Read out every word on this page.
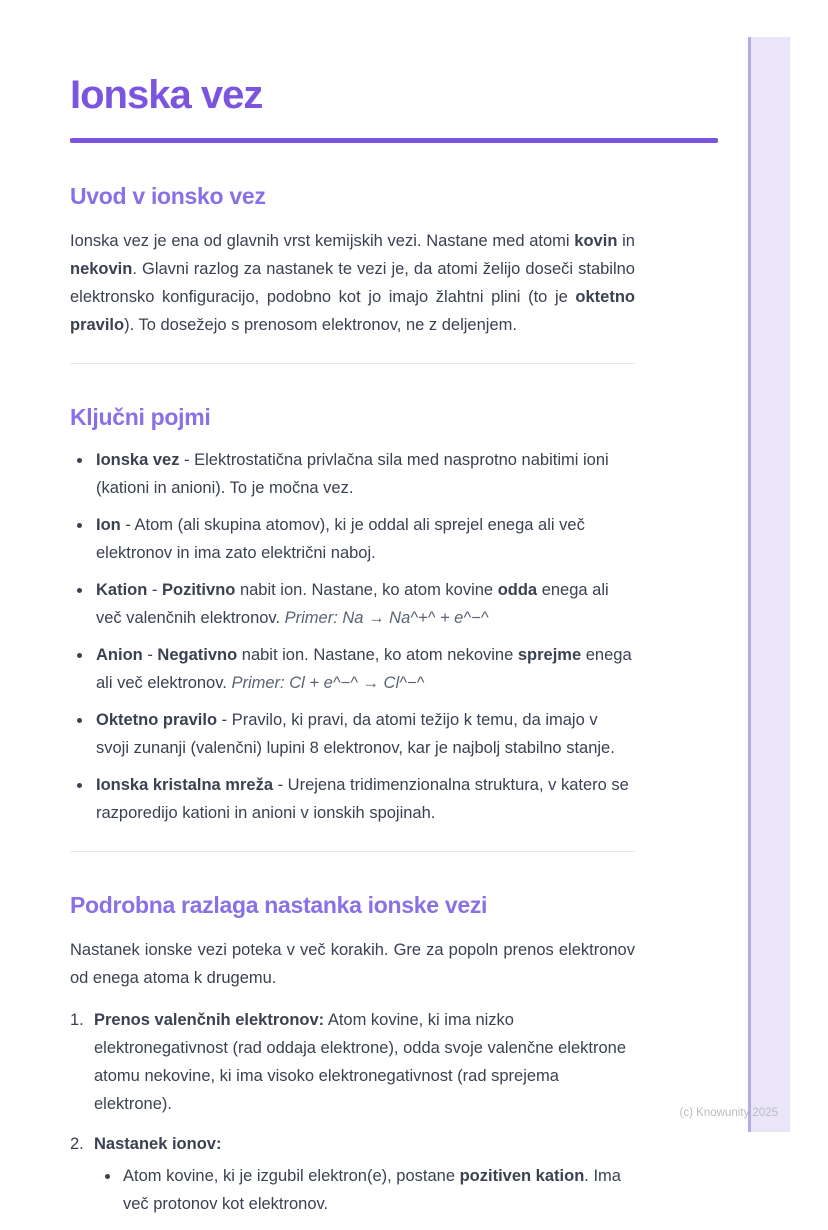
Ionska vez
Uvod v ionsko vez

Ionska vez je ena od glavnih vrst kemijskih vezi. Nastane med atomi kovin in nekovin. Glavni razlog za nastanek te vezi je, da atomi želijo doseči stabilno elektronsko konfiguracijo, podobno kot jo imajo žlahtni plini (to je oktetno pravilo). To dosežejo s prenosom elektronov, ne z deljenjem.

Ključni pojmi
• Ionska vez - Elektrostatična privlačna sila med nasprotno nabitimi ioni (kationi in anioni). To je močna vez.
• Ion - Atom (ali skupina atomov), ki je oddal ali sprejel enega ali več elektronov in ima zato električni naboj.
• Kation - Pozitivno nabit ion. Nastane, ko atom kovine odda enega ali več valenčnih elektronov. Primer: Na → Na^+^ + e^−^
• Anion - Negativno nabit ion. Nastane, ko atom nekovine sprejme enega ali več elektronov. Primer: Cl + e^−^ → Cl^−^
• Oktetno pravilo - Pravilo, ki pravi, da atomi težijo k temu, da imajo v svoji zunanji (valenčni) lupini 8 elektronov, kar je najbolj stabilno stanje.
• Ionska kristalna mreža - Urejena tridimenzionalna struktura, v katero se razporedijo kationi in anioni v ionskih spojinah.
Podrobna razlaga nastanka ionske vezi

Nastanek ionske vezi poteka v več korakih. Gre za popoln prenos elektronov od enega atoma k drugemu.

1. Prenos valenčnih elektronov: Atom kovine, ki ima nizko elektronegativnost (rad oddaja elektrone), odda svoje valenčne elektrone atomu nekovine, ki ima visoko elektronegativnost (rad sprejema elektrone).
2. Nastanek ionov:
• Atom kovine, ki je izgubil elektron(e), postane pozitiven kation. Ima več protonov kot elektronov.
(c) Knowunity 2025
